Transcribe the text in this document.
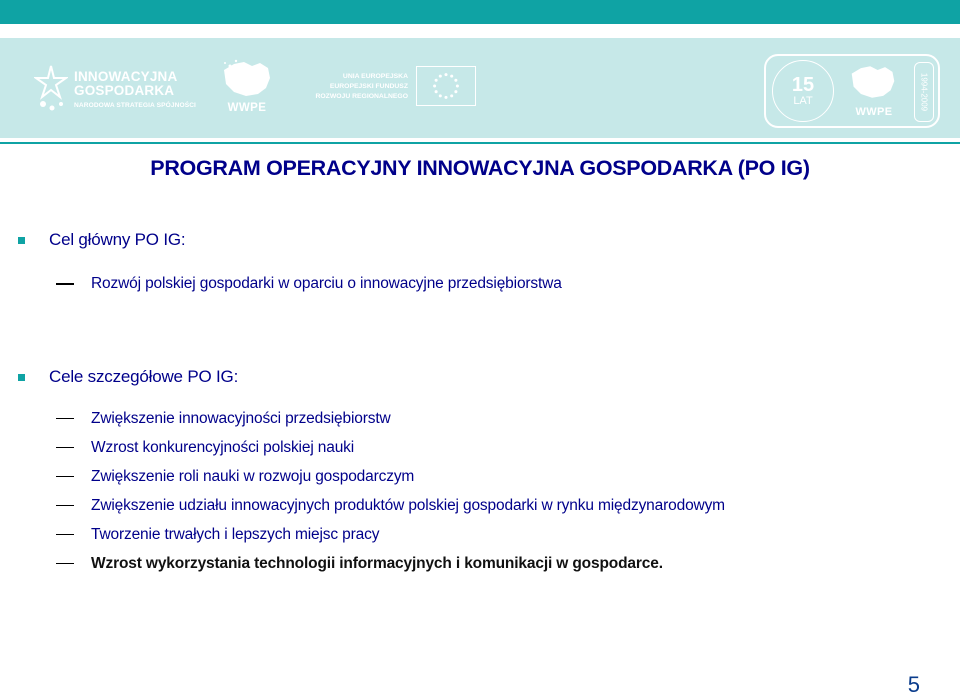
INNOWACYJNA
GOSPODARKA
NARODOWA STRATEGIA SPÓJNOŚCI	WWPE
UNIA EUROPEJSKA
EUROPEJSKI FUNDUSZ
ROZWOJU REGIONALNEGO
15
LAT
WWPE
1994-2009
PROGRAM OPERACYJNY INNOWACYJNA GOSPODARKA (PO IG)
Cel główny PO IG:
Rozwój polskiej gospodarki w oparciu o innowacyjne przedsiębiorstwa
Cele szczegółowe PO IG:
Zwiększenie innowacyjności przedsiębiorstw
Wzrost konkurencyjności polskiej nauki
Zwiększenie roli nauki w rozwoju gospodarczym
Zwiększenie udziału innowacyjnych produktów polskiej gospodarki w rynku międzynarodowym
Tworzenie trwałych i lepszych miejsc pracy
Wzrost wykorzystania technologii informacyjnych i komunikacji w gospodarce.
5
